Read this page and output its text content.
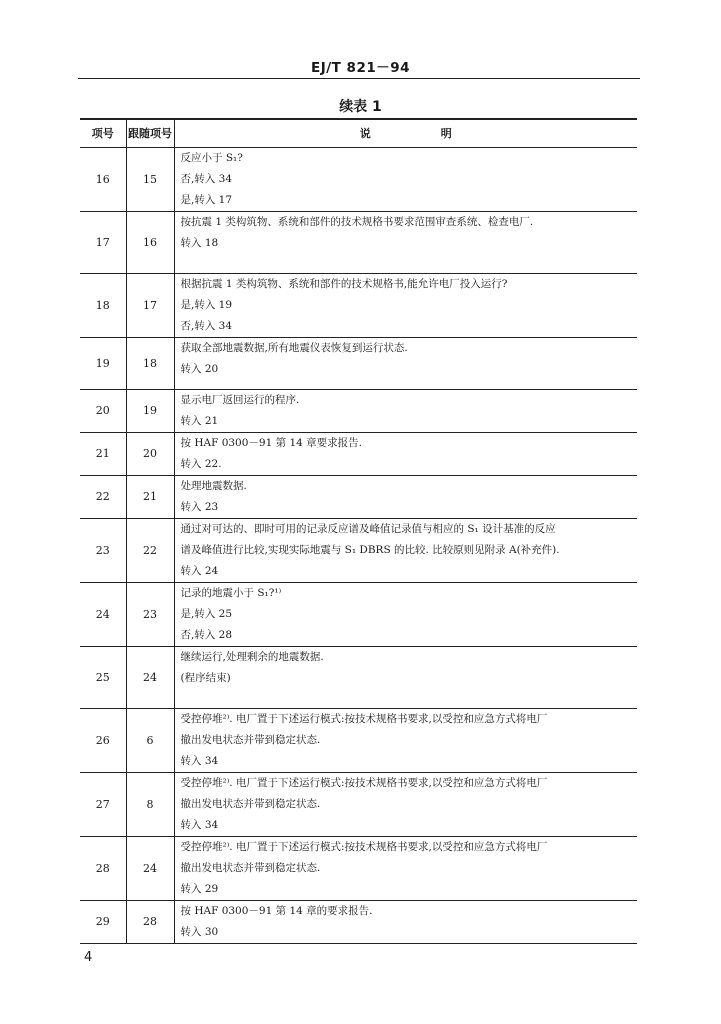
EJ/T 821－94
续表 1
项号	跟随项号	说 明
16	15	反应小于 S₁?
否,转入 34
是,转入 17

17	16	按抗震 1 类构筑物、系统和部件的技术规格书要求范围审查系统、检查电厂.
转入 18

18	17	根据抗震 1 类构筑物、系统和部件的技术规格书,能允许电厂投入运行?
是,转入 19
否,转入 34

19	18	获取全部地震数据,所有地震仪表恢复到运行状态.
转入 20

20	19	显示电厂返回运行的程序.
转入 21

21	20	按 HAF 0300－91 第 14 章要求报告.
转入 22.

22	21	处理地震数据.
转入 23

23	22	通过对可达的、即时可用的记录反应谱及峰值记录值与相应的 S₁ 设计基准的反应
谱及峰值进行比较,实现实际地震与 S₁ DBRS 的比较. 比较原则见附录 A(补充件).
转入 24

24	23	记录的地震小于 S₁?¹⁾
是,转入 25
否,转入 28

25	24	继续运行,处理剩余的地震数据.
(程序结束)

26	6	受控停堆²⁾. 电厂置于下述运行模式:按技术规格书要求,以受控和应急方式将电厂
撤出发电状态并带到稳定状态.
转入 34

27	8	受控停堆²⁾. 电厂置于下述运行模式:按技术规格书要求,以受控和应急方式将电厂
撤出发电状态并带到稳定状态.
转入 34

28	24	受控停堆²⁾. 电厂置于下述运行模式:按技术规格书要求,以受控和应急方式将电厂
撤出发电状态并带到稳定状态.
转入 29

29	28	按 HAF 0300－91 第 14 章的要求报告.
转入 30
4
